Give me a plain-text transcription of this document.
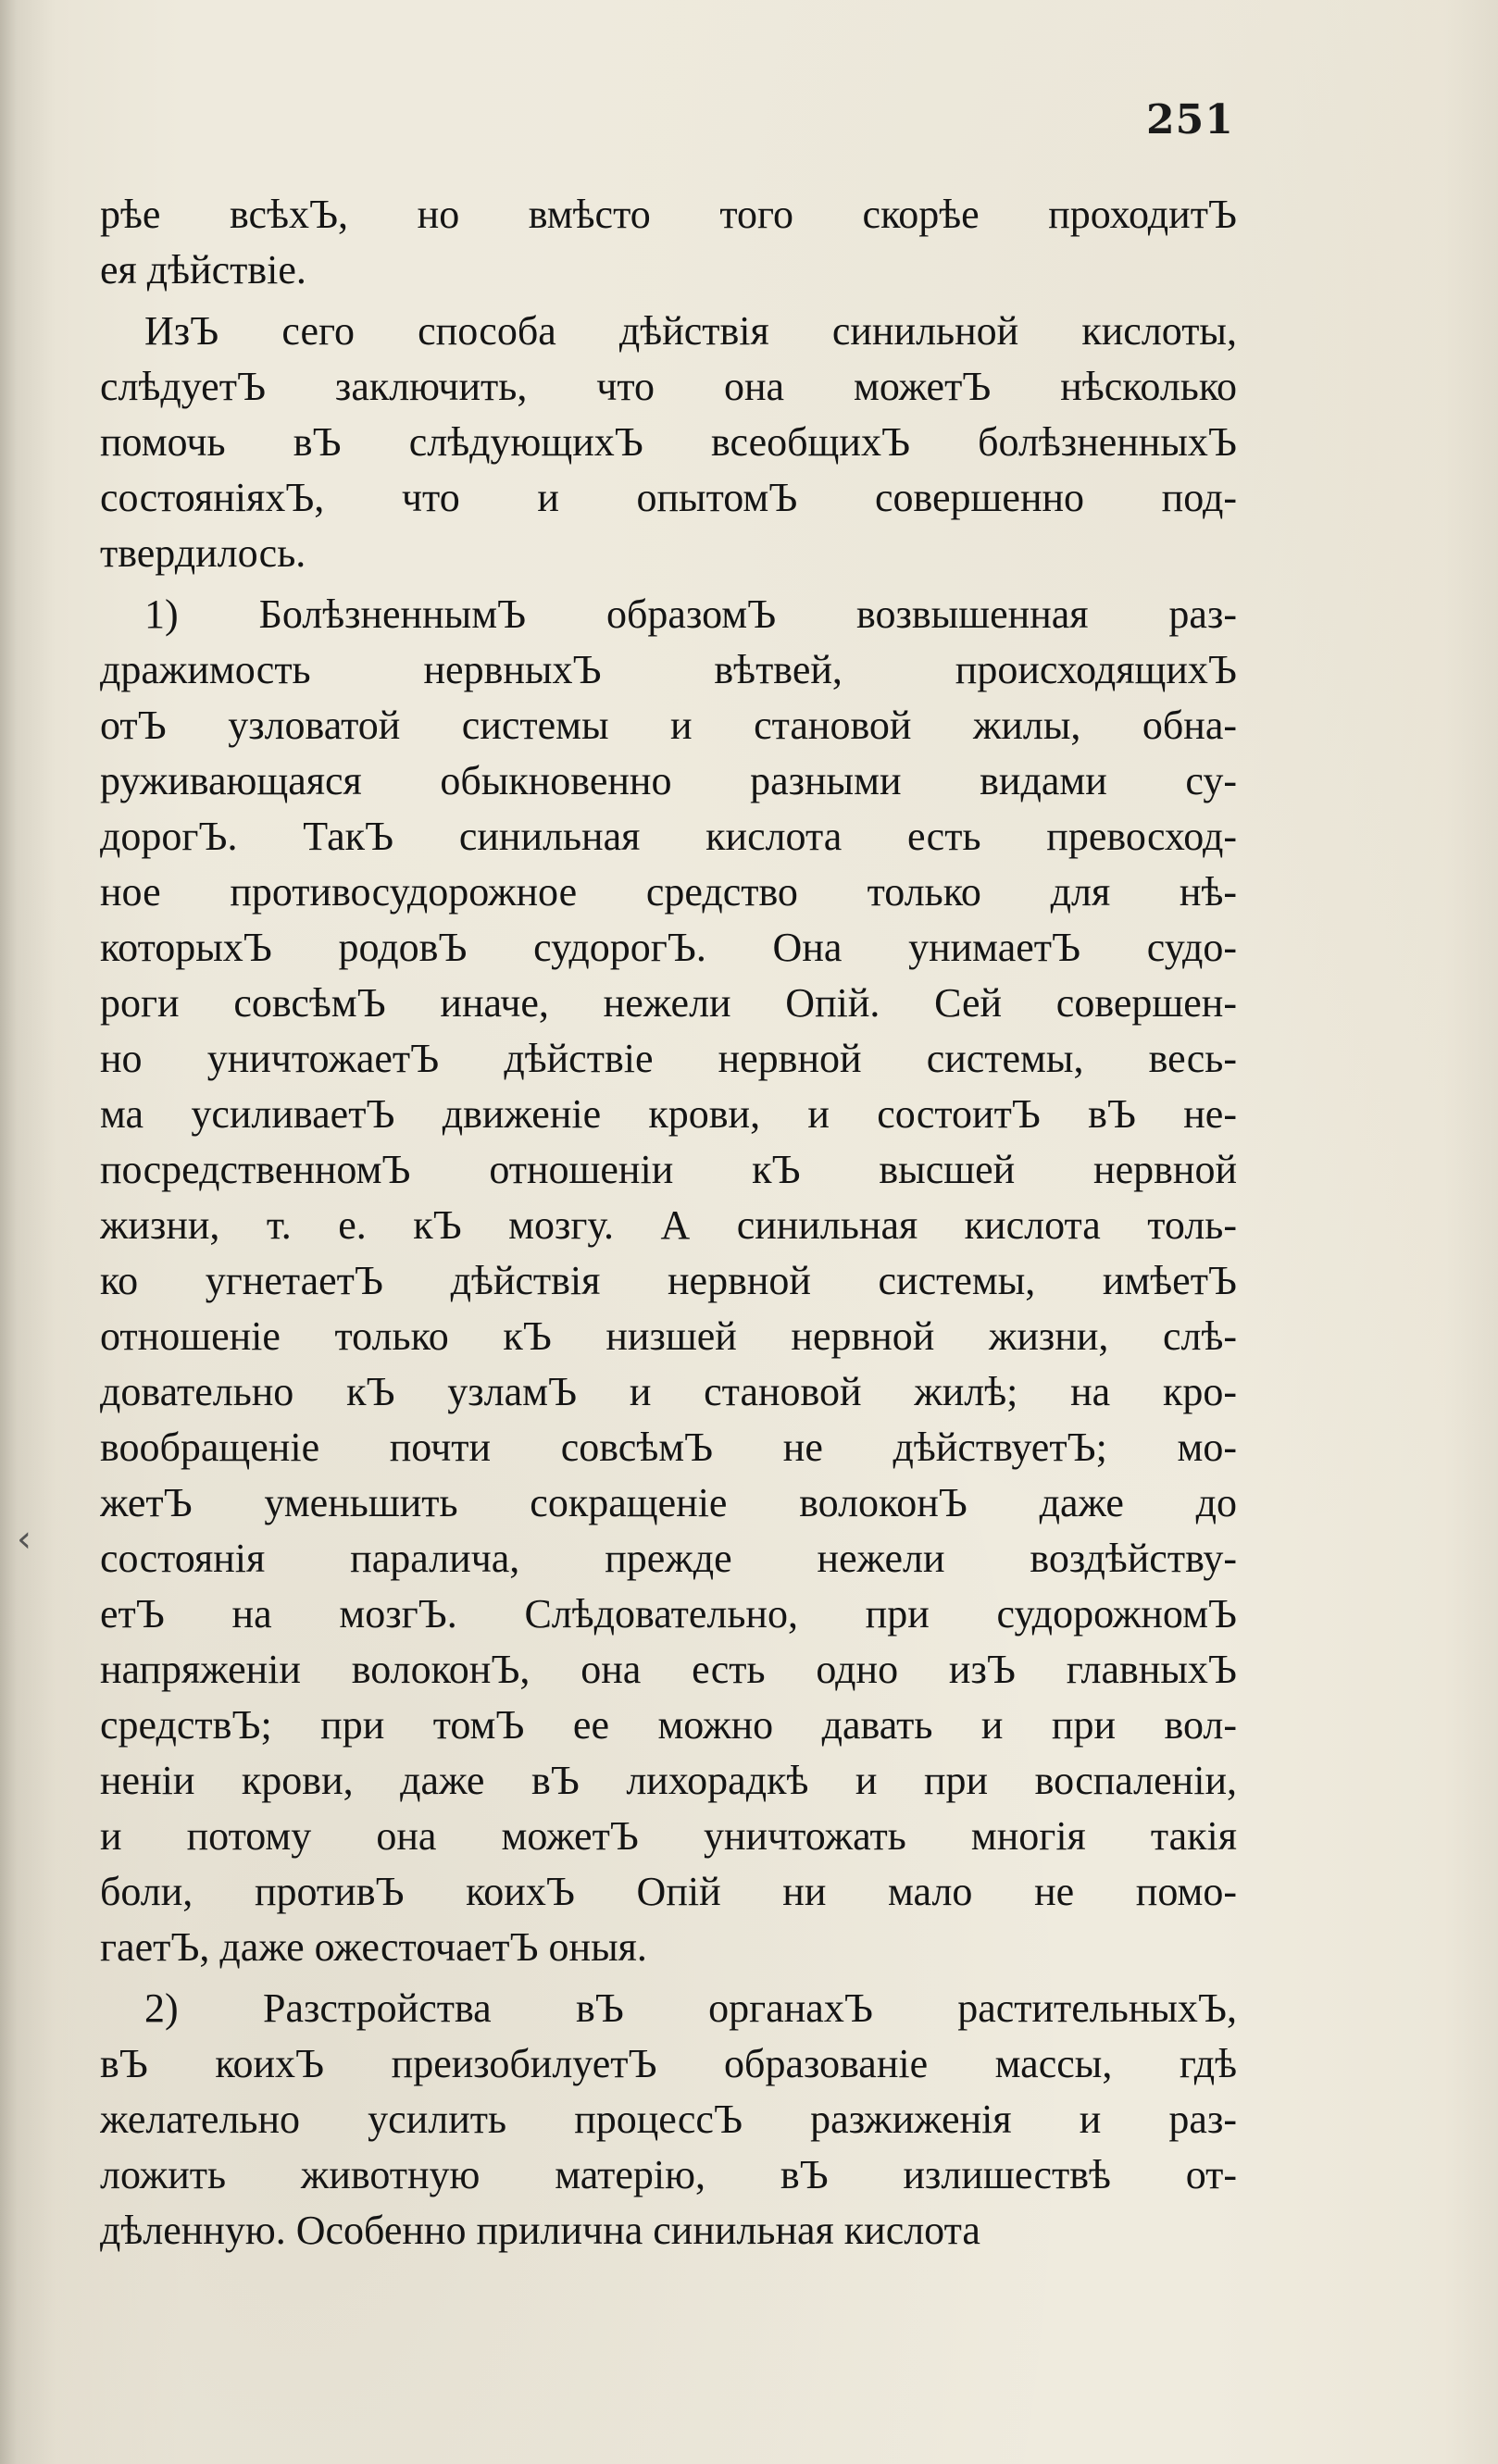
251
рѣе всѣхЪ, но вмѣсто того скорѣе проходитЪ
ея дѣйствіе.
ИзЪ сего способа дѣйствія синильной кислоты,
слѣдуетЪ заключить, что она можетЪ нѣсколько
помочь вЪ слѣдующихЪ всеобщихЪ болѣзненныхЪ
состояніяхЪ, что и опытомЪ совершенно под-
твердилось.
1) БолѣзненнымЪ образомЪ возвышенная раз-
дражимость нервныхЪ вѣтвей, происходящихЪ
отЪ узловатой системы и становой жилы, обна-
руживающаяся обыкновенно разными видами су-
дорогЪ. ТакЪ синильная кислота есть превосход-
ное противосудорожное средство только для нѣ-
которыхЪ родовЪ судорогЪ. Она унимаетЪ судо-
роги совсѣмЪ иначе, нежели Опій. Сей совершен-
но уничтожаетЪ дѣйствіе нервной системы, весь-
ма усиливаетЪ движеніе крови, и состоитЪ вЪ не-
посредственномЪ отношеніи кЪ высшей нервной
жизни, т. е. кЪ мозгу. А синильная кислота толь-
ко угнетаетЪ дѣйствія нервной системы, имѣетЪ
отношеніе только кЪ низшей нервной жизни, слѣ-
довательно кЪ узламЪ и становой жилѣ; на кро-
вообращеніе почти совсѣмЪ не дѣйствуетЪ; мо-
жетЪ уменьшить сокращеніе волоконЪ даже до
состоянія паралича, прежде нежели воздѣйству-
етЪ на мозгЪ. Слѣдовательно, при судорожномЪ
напряженіи волоконЪ, она есть одно изЪ главныхЪ
средствЪ; при томЪ ее можно давать и при вол-
неніи крови, даже вЪ лихорадкѣ и при воспаленіи,
и потому она можетЪ уничтожать многія такія
боли, противЪ коихЪ Опій ни мало не помо-
гаетЪ, даже ожесточаетЪ оныя.
2) Разстройства вЪ органахЪ растительныхЪ,
вЪ коихЪ преизобилуетЪ образованіе массы, гдѣ
желательно усилить процессЪ разжиженія и раз-
ложить животную матерію, вЪ излишествѣ от-
дѣленную. Особенно прилична синильная кислота
‹
